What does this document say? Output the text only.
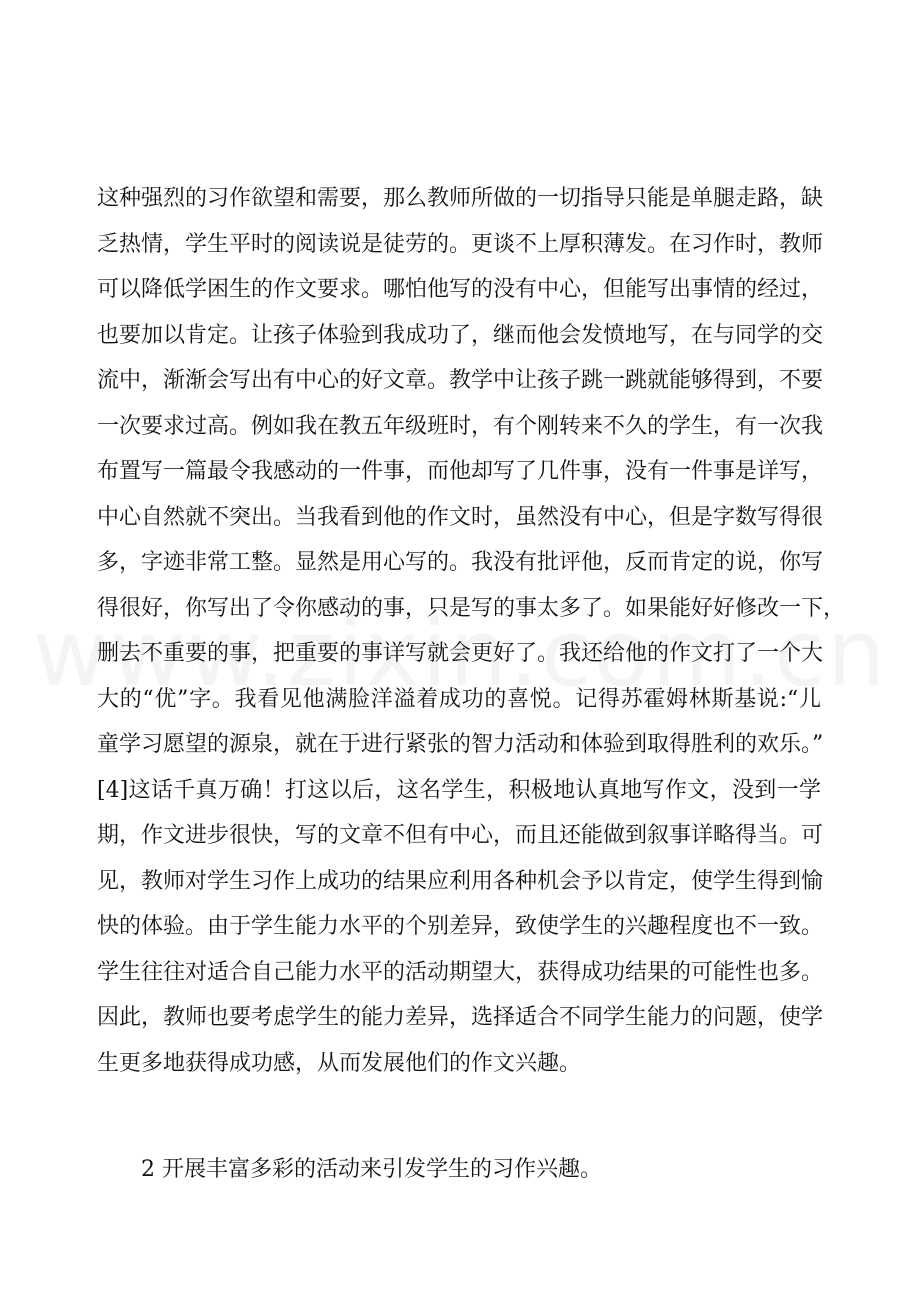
这种强烈的习作欲望和需要，那么教师所做的一切指导只能是单腿走路，缺
乏热情，学生平时的阅读说是徒劳的。更谈不上厚积薄发。在习作时，教师
可以降低学困生的作文要求。哪怕他写的没有中心，但能写出事情的经过，
也要加以肯定。让孩子体验到我成功了，继而他会发愤地写，在与同学的交
流中，渐渐会写出有中心的好文章。教学中让孩子跳一跳就能够得到，不要
一次要求过高。例如我在教五年级班时，有个刚转来不久的学生，有一次我
布置写一篇最令我感动的一件事，而他却写了几件事，没有一件事是详写，
中心自然就不突出。当我看到他的作文时，虽然没有中心，但是字数写得很
多，字迹非常工整。显然是用心写的。我没有批评他，反而肯定的说，你写
得很好，你写出了令你感动的事，只是写的事太多了。如果能好好修改一下，
删去不重要的事，把重要的事详写就会更好了。我还给他的作文打了一个大
大的“优”字。我看见他满脸洋溢着成功的喜悦。记得苏霍姆林斯基说:“儿
童学习愿望的源泉，就在于进行紧张的智力活动和体验到取得胜利的欢乐。”
[4]这话千真万确！打这以后，这名学生，积极地认真地写作文，没到一学
期，作文进步很快，写的文章不但有中心，而且还能做到叙事详略得当。可
见，教师对学生习作上成功的结果应利用各种机会予以肯定，使学生得到愉
快的体验。由于学生能力水平的个别差异，致使学生的兴趣程度也不一致。
学生往往对适合自己能力水平的活动期望大，获得成功结果的可能性也多。
因此，教师也要考虑学生的能力差异，选择适合不同学生能力的问题，使学
生更多地获得成功感，从而发展他们的作文兴趣。
2 开展丰富多彩的活动来引发学生的习作兴趣。
